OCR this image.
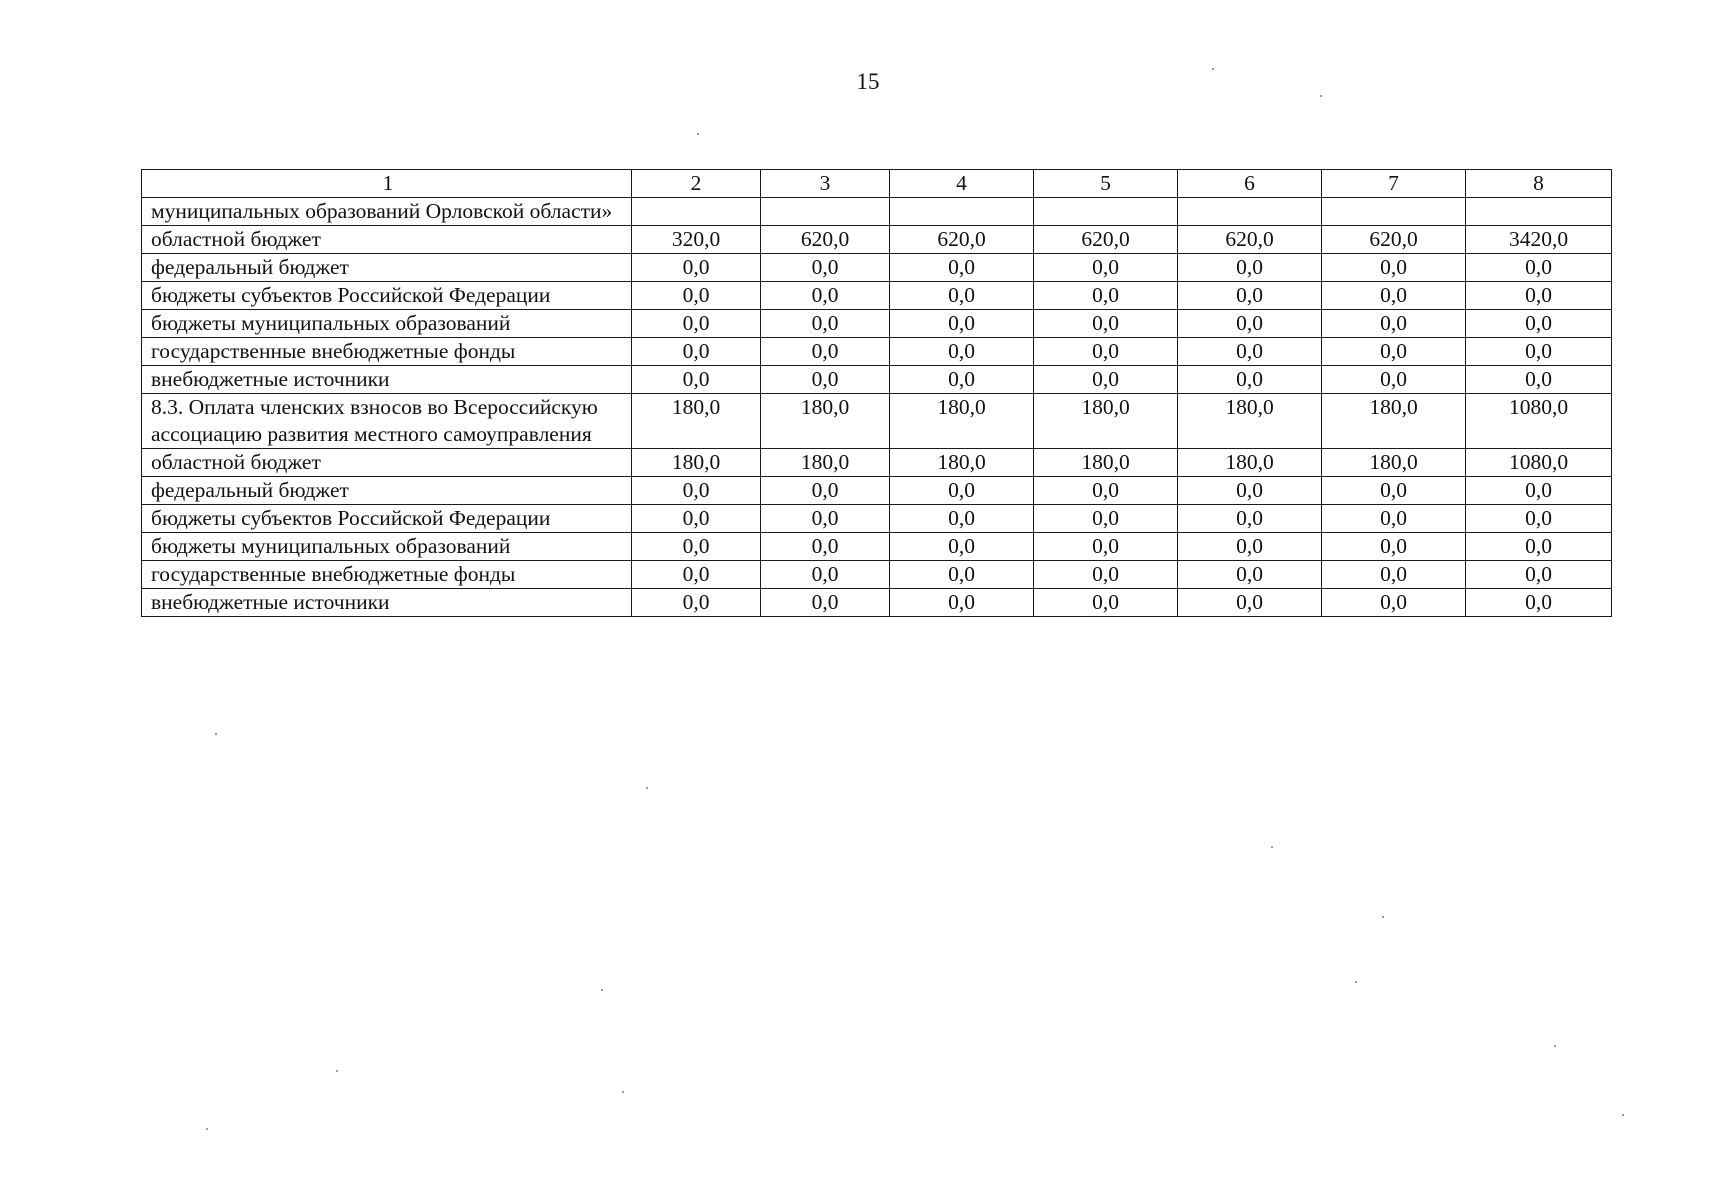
15
1	2	3	4	5	6	7	8
муниципальных образований Орловской области»							
областной бюджет	320,0	620,0	620,0	620,0	620,0	620,0	3420,0
федеральный бюджет	0,0	0,0	0,0	0,0	0,0	0,0	0,0
бюджеты субъектов Российской Федерации	0,0	0,0	0,0	0,0	0,0	0,0	0,0
бюджеты муниципальных образований	0,0	0,0	0,0	0,0	0,0	0,0	0,0
государственные внебюджетные фонды	0,0	0,0	0,0	0,0	0,0	0,0	0,0
внебюджетные источники	0,0	0,0	0,0	0,0	0,0	0,0	0,0
8.3. Оплата членских взносов во Всероссийскую ассоциацию развития местного самоуправления	180,0	180,0	180,0	180,0	180,0	180,0	1080,0
областной бюджет	180,0	180,0	180,0	180,0	180,0	180,0	1080,0
федеральный бюджет	0,0	0,0	0,0	0,0	0,0	0,0	0,0
бюджеты субъектов Российской Федерации	0,0	0,0	0,0	0,0	0,0	0,0	0,0
бюджеты муниципальных образований	0,0	0,0	0,0	0,0	0,0	0,0	0,0
государственные внебюджетные фонды	0,0	0,0	0,0	0,0	0,0	0,0	0,0
внебюджетные источники	0,0	0,0	0,0	0,0	0,0	0,0	0,0
